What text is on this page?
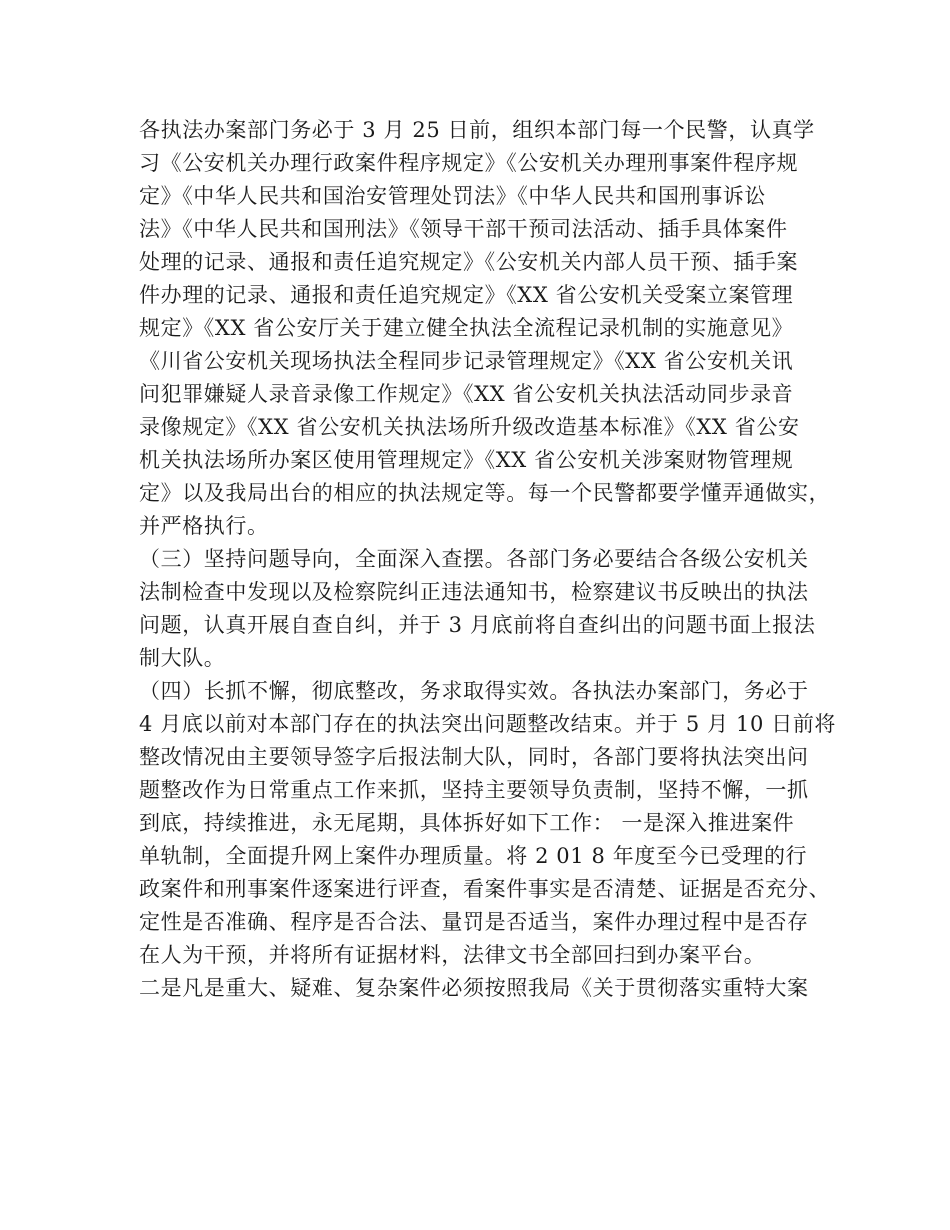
各执法办案部门务必于 3 月 25 日前，组织本部门每一个民警，认真学
习《公安机关办理行政案件程序规定》《公安机关办理刑事案件程序规
定》《中华人民共和国治安管理处罚法》《中华人民共和国刑事诉讼
法》《中华人民共和国刑法》《领导干部干预司法活动、插手具体案件
处理的记录、通报和责任追究规定》《公安机关内部人员干预、插手案
件办理的记录、通报和责任追究规定》《XX 省公安机关受案立案管理
规定》《XX 省公安厅关于建立健全执法全流程记录机制的实施意见》
《川省公安机关现场执法全程同步记录管理规定》《XX 省公安机关讯
问犯罪嫌疑人录音录像工作规定》《XX 省公安机关执法活动同步录音
录像规定》《XX 省公安机关执法场所升级改造基本标准》《XX 省公安
机关执法场所办案区使用管理规定》《XX 省公安机关涉案财物管理规
定》以及我局出台的相应的执法规定等。每一个民警都要学懂弄通做实，
并严格执行。
（三）坚持问题导向，全面深入查摆。各部门务必要结合各级公安机关
法制检查中发现以及检察院纠正违法通知书，检察建议书反映出的执法
问题，认真开展自查自纠，并于 3 月底前将自查纠出的问题书面上报法
制大队。
（四）长抓不懈，彻底整改，务求取得实效。各执法办案部门，务必于
4 月底以前对本部门存在的执法突出问题整改结束。并于 5 月 10 日前将
整改情况由主要领导签字后报法制大队，同时，各部门要将执法突出问
题整改作为日常重点工作来抓，坚持主要领导负责制，坚持不懈，一抓
到底，持续推进，永无尾期，具体拆好如下工作： 一是深入推进案件
单轨制，全面提升网上案件办理质量。将 2 01 8 年度至今已受理的行
政案件和刑事案件逐案进行评查，看案件事实是否清楚、证据是否充分、
定性是否准确、程序是否合法、量罚是否适当，案件办理过程中是否存
在人为干预，并将所有证据材料，法律文书全部回扫到办案平台。
二是凡是重大、疑难、复杂案件必须按照我局《关于贯彻落实重特大案
